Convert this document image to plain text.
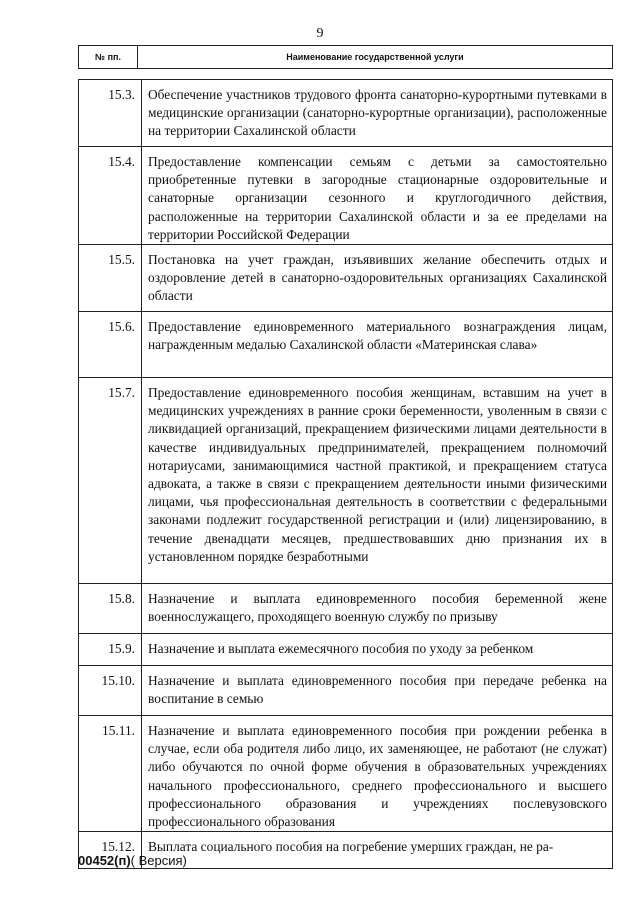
9
№ пп.	Наименование государственной услуги
15.3.	Обеспечение участников трудового фронта санаторно-курортными путевками в медицинские организации (санаторно-курортные организации), расположенные на территории Сахалинской области
15.4.	Предоставление компенсации семьям с детьми за самостоятельно приобретенные путевки в загородные стационарные оздоровительные и санаторные организации сезонного и круглогодичного действия, расположенные на территории Сахалинской области и за ее пределами на территории Российской Федерации
15.5.	Постановка на учет граждан, изъявивших желание обеспечить отдых и оздоровление детей в санаторно-оздоровительных организациях Сахалинской области
15.6.	Предоставление единовременного материального вознаграждения лицам, награжденным медалью Сахалинской области «Материнская слава»
15.7.	Предоставление единовременного пособия женщинам, вставшим на учет в медицинских учреждениях в ранние сроки беременности, уволенным в связи с ликвидацией организаций, прекращением физическими лицами деятельности в качестве индивидуальных предпринимателей, прекращением полномочий нотариусами, занимающимися частной практикой, и прекращением статуса адвоката, а также в связи с прекращением деятельности иными физическими лицами, чья профессиональная деятельность в соответствии с федеральными законами подлежит государственной регистрации и (или) лицензированию, в течение двенадцати месяцев, предшествовавших дню признания их в установленном порядке безработными
15.8.	Назначение и выплата единовременного пособия беременной жене военнослужащего, проходящего военную службу по призыву
15.9.	Назначение и выплата ежемесячного пособия по уходу за ребенком
15.10.	Назначение и выплата единовременного пособия при передаче ребенка на воспитание в семью
15.11.	Назначение и выплата единовременного пособия при рождении ребенка в случае, если оба родителя либо лицо, их заменяющее, не работают (не служат) либо обучаются по очной форме обучения в образовательных учреждениях начального профессионального, среднего профессионального и высшего профессионального образования и учреждениях послевузовского профессионального образования
15.12.	Выплата социального пособия на погребение умерших граждан, не ра-
00452(п)( Версия)
